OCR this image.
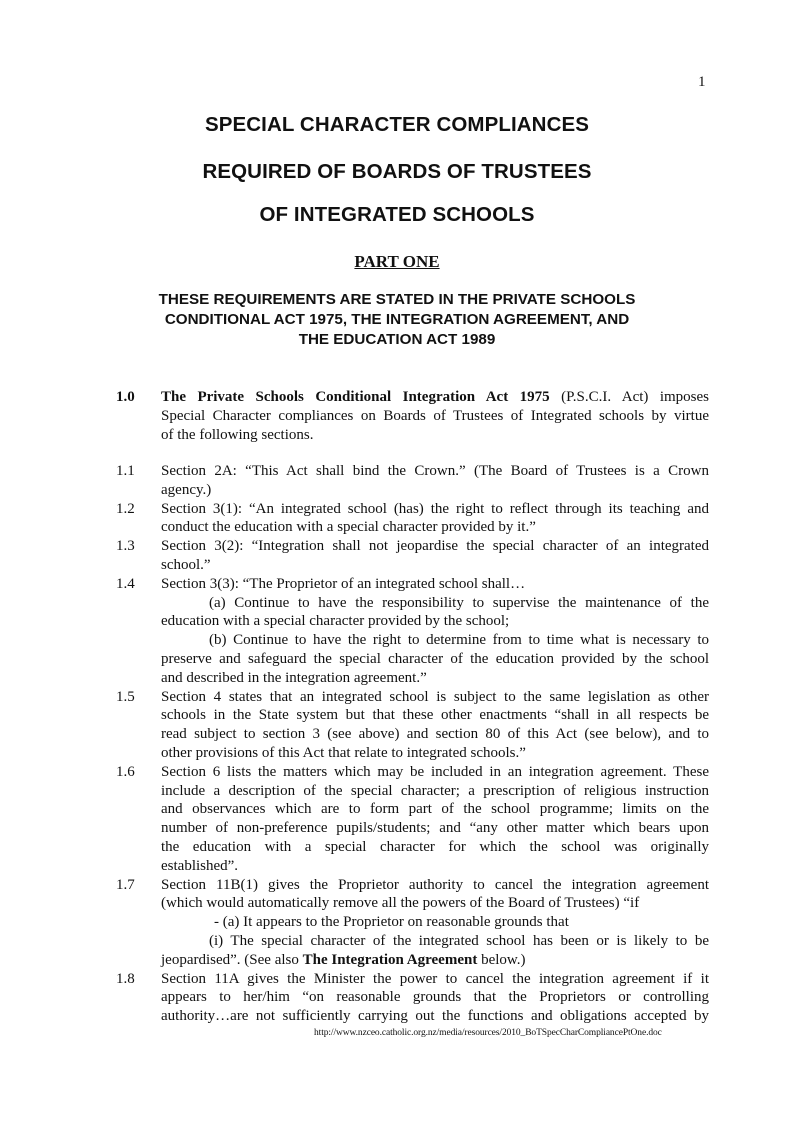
1
SPECIAL CHARACTER COMPLIANCES
REQUIRED OF BOARDS OF TRUSTEES
OF INTEGRATED SCHOOLS
PART ONE
THESE REQUIREMENTS ARE STATED IN THE PRIVATE SCHOOLS
CONDITIONAL ACT 1975, THE INTEGRATION AGREEMENT, AND
THE EDUCATION ACT 1989
1.0 The Private Schools Conditional Integration Act 1975 (P.S.C.I. Act) imposes
Special Character compliances on Boards of Trustees of Integrated schools by virtue
of the following sections.
1.1 Section 2A: “This Act shall bind the Crown.” (The Board of Trustees is a Crown
agency.)
1.2 Section 3(1): “An integrated school (has) the right to reflect through its teaching and
conduct the education with a special character provided by it.”
1.3 Section 3(2): “Integration shall not jeopardise the special character of an integrated
school.”
1.4 Section 3(3): “The Proprietor of an integrated school shall…
(a) Continue to have the responsibility to supervise the maintenance of the
education with a special character provided by the school;
(b) Continue to have the right to determine from to time what is necessary to
preserve and safeguard the special character of the education provided by the school
and described in the integration agreement.”
1.5 Section 4 states that an integrated school is subject to the same legislation as other
schools in the State system but that these other enactments “shall in all respects be
read subject to section 3 (see above) and section 80 of this Act (see below), and to
other provisions of this Act that relate to integrated schools.”
1.6 Section 6 lists the matters which may be included in an integration agreement. These
include a description of the special character; a prescription of religious instruction
and observances which are to form part of the school programme; limits on the
number of non-preference pupils/students; and “any other matter which bears upon
the education with a special character for which the school was originally
established”.
1.7 Section 11B(1) gives the Proprietor authority to cancel the integration agreement
(which would automatically remove all the powers of the Board of Trustees) “if
- (a) It appears to the Proprietor on reasonable grounds that
(i) The special character of the integrated school has been or is likely to be
jeopardised”. (See also The Integration Agreement below.)
1.8 Section 11A gives the Minister the power to cancel the integration agreement if it
appears to her/him “on reasonable grounds that the Proprietors or controlling
authority…are not sufficiently carrying out the functions and obligations accepted by
http://www.nzceo.catholic.org.nz/media/resources/2010_BoTSpecCharCompliancePtOne.doc
